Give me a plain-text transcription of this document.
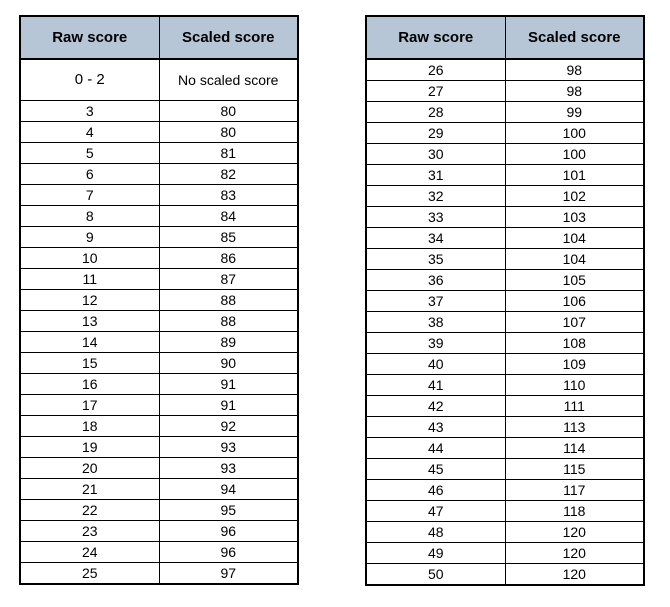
Raw score	Scaled score
0 - 2	No scaled score
3	80
4	80
5	81
6	82
7	83
8	84
9	85
10	86
11	87
12	88
13	88
14	89
15	90
16	91
17	91
18	92
19	93
20	93
21	94
22	95
23	96
24	96
25	97
Raw score	Scaled score
26	98
27	98
28	99
29	100
30	100
31	101
32	102
33	103
34	104
35	104
36	105
37	106
38	107
39	108
40	109
41	110
42	111
43	113
44	114
45	115
46	117
47	118
48	120
49	120
50	120
